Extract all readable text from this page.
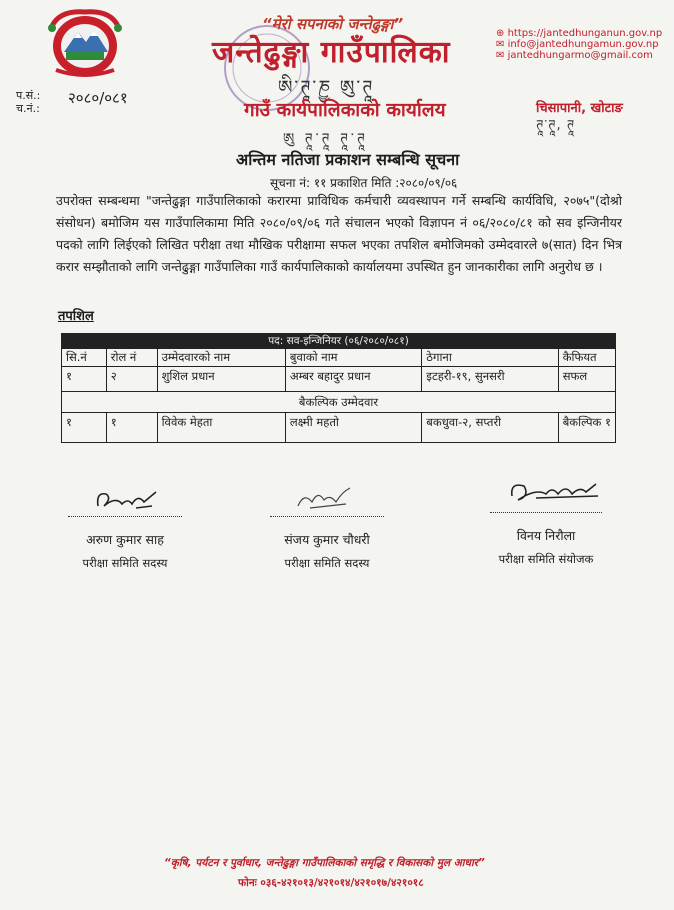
प.सं.: २०८०/०८१
च.नं.:
“मेरो सपनाको जन्तेढुङ्गा”
जन्तेढुङ्गा गाउँपालिका
ཨི་ཊཱ་ཎྱ ཨུ་ཊཱ
गाउँ कार्यपालिकाको कार्यालय
ཨུ ཊཱ་ཊཱ ཊཱ་ཊཱ
⊕ https://jantedhunganun.gov.np
✉ info@jantedhungamun.gov.np
✉ jantedhungarmo@gmail.com
चिसापानी, खोटाङ
ཊཱ་ཊཱ, ཊཱ
अन्तिम नतिजा प्रकाशन सम्बन्धि सूचना
सूचना नं: ११ प्रकाशित मिति :२०८०/०९/०६
उपरोक्त सम्बन्धमा "जन्तेढुङ्गा गाउँपालिकाको करारमा प्राविधिक कर्मचारी व्यवस्थापन गर्ने सम्बन्धि कार्यविधि, २०७५"(दोश्रो संसोधन) बमोजिम यस गाउँपालिकामा मिति २०८०/०९/०६ गते संचालन भएको विज्ञापन नं ०६/२०८०/८१ को सव इन्जिनीयर पदको लागि लिईएको लिखित परीक्षा तथा मौखिक परीक्षामा सफल भएका तपशिल बमोजिमको उम्मेदवारले ७(सात) दिन भित्र करार सम्झौताको लागि जन्तेढुङ्गा गाउँपालिका गाउँ कार्यपालिकाको कार्यालयमा उपस्थित हुन जानकारीका लागि अनुरोध छ ।
तपशिल
पद: सव-इन्जिनियर (०६/२०८०/०८१)					
सि.नं	रोल नं	उम्मेदवारको नाम	बुवाको नाम	ठेगाना	कैफियत
१	२	शुशिल प्रधान	अम्बर बहादुर प्रधान	इटहरी-१९, सुनसरी	सफल
बैकल्पिक उम्मेदवार					
१	१	विवेक मेहता	लक्ष्मी महतो	बकधुवा-२, सप्तरी	बैकल्पिक १
अरुण कुमार साह
परीक्षा समिति सदस्य
संजय कुमार चौधरी
परीक्षा समिति सदस्य
विनय निरौला
परीक्षा समिति संयोजक
“कृषि, पर्यटन र पुर्वाधार, जन्तेढुङ्गा गाउँपालिकाको समृद्धि र विकासको मुल आधार”
फोनः ०३६-४२१०१३/४२१०१४/४२१०१७/४२१०१८
